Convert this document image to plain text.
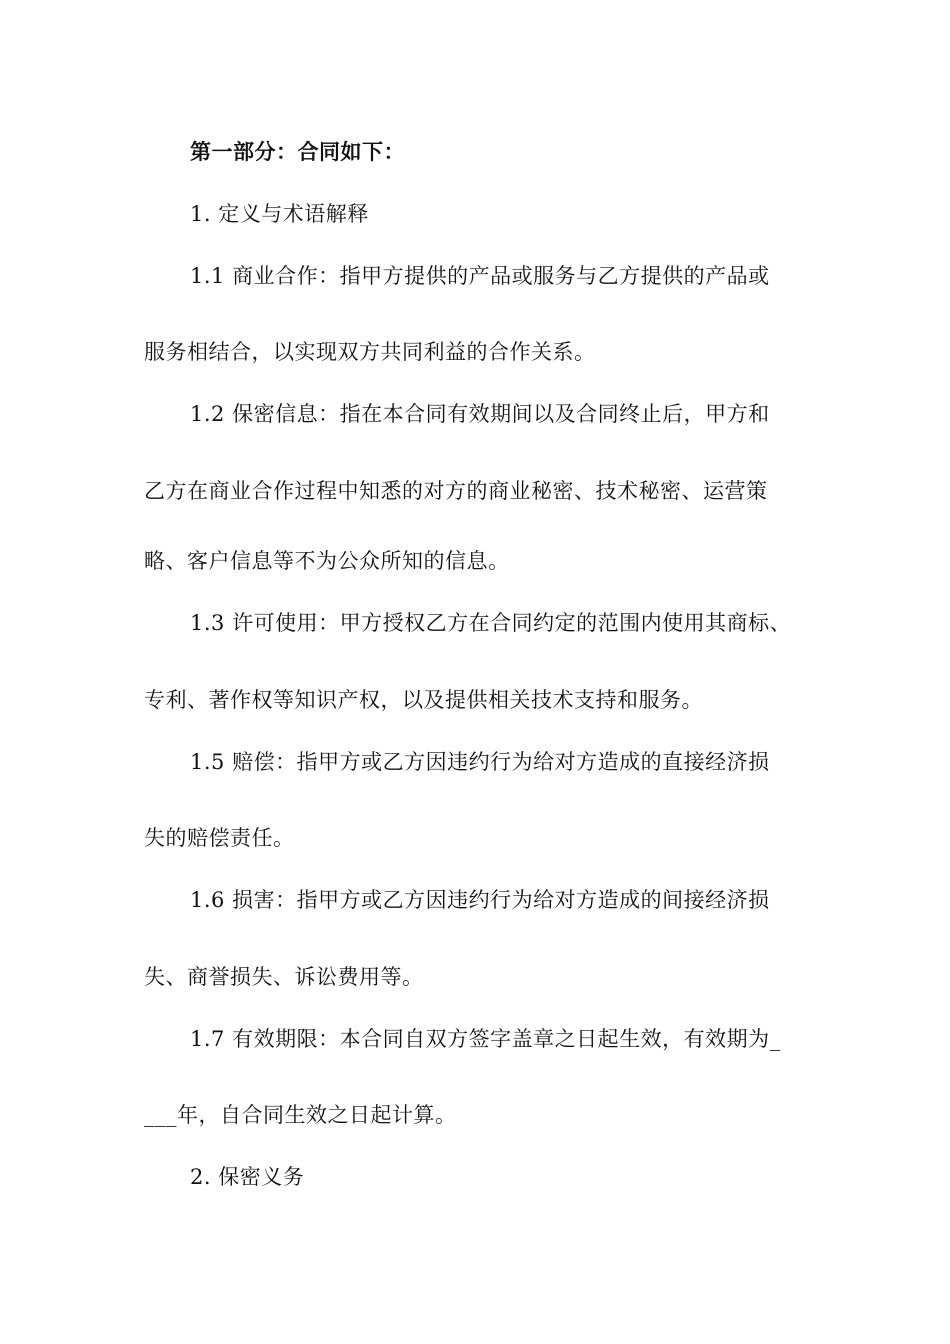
第一部分：合同如下：
1. 定义与术语解释
1.1 商业合作：指甲方提供的产品或服务与乙方提供的产品或
服务相结合，以实现双方共同利益的合作关系。
1.2 保密信息：指在本合同有效期间以及合同终止后，甲方和
乙方在商业合作过程中知悉的对方的商业秘密、技术秘密、运营策
略、客户信息等不为公众所知的信息。
1.3 许可使用：甲方授权乙方在合同约定的范围内使用其商标、
专利、著作权等知识产权，以及提供相关技术支持和服务。
1.5 赔偿：指甲方或乙方因违约行为给对方造成的直接经济损
失的赔偿责任。
1.6 损害：指甲方或乙方因违约行为给对方造成的间接经济损
失、商誉损失、诉讼费用等。
1.7 有效期限：本合同自双方签字盖章之日起生效，有效期为_
___年，自合同生效之日起计算。
2. 保密义务
